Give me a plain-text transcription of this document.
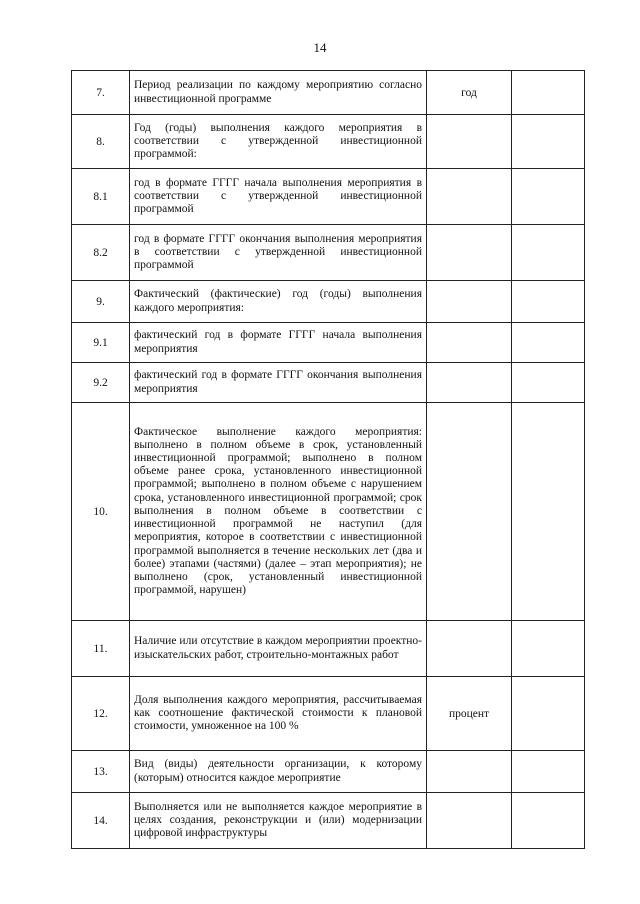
14
7.	Период реализации по каждому мероприятию согласно инвестиционной программе	год	
8.	Год (годы) выполнения каждого мероприятия в соответствии с утвержденной инвестиционной программой:		
8.1	год в формате ГГГГ начала выполнения мероприятия в соответствии с утвержденной инвестиционной программой		
8.2	год в формате ГГГГ окончания выполнения мероприятия в соответствии с утвержденной инвестиционной программой		
9.	Фактический (фактические) год (годы) выполнения каждого мероприятия:		
9.1	фактический год в формате ГГГГ начала выполнения мероприятия		
9.2	фактический год в формате ГГГГ окончания выполнения мероприятия		
10.	Фактическое выполнение каждого мероприятия: выполнено в полном объеме в срок, установленный инвестиционной программой; выполнено в полном объеме ранее срока, установленного инвестиционной программой; выполнено в полном объеме с нарушением срока, установленного инвестиционной программой; срок выполнения в полном объеме в соответствии с инвестиционной программой не наступил (для мероприятия, которое в соответствии с инвестиционной программой выполняется в течение нескольких лет (два и более) этапами (частями) (далее – этап мероприятия); не выполнено (срок, установленный инвестиционной программой, нарушен)		
11.	Наличие или отсутствие в каждом мероприятии проектно-изыскательских работ, строительно-монтажных работ		
12.	Доля выполнения каждого мероприятия, рассчитываемая как соотношение фактической стоимости к плановой стоимости, умноженное на 100 %	процент	
13.	Вид (виды) деятельности организации, к которому (которым) относится каждое мероприятие		
14.	Выполняется или не выполняется каждое мероприятие в целях создания, реконструкции и (или) модернизации цифровой инфраструктуры		
